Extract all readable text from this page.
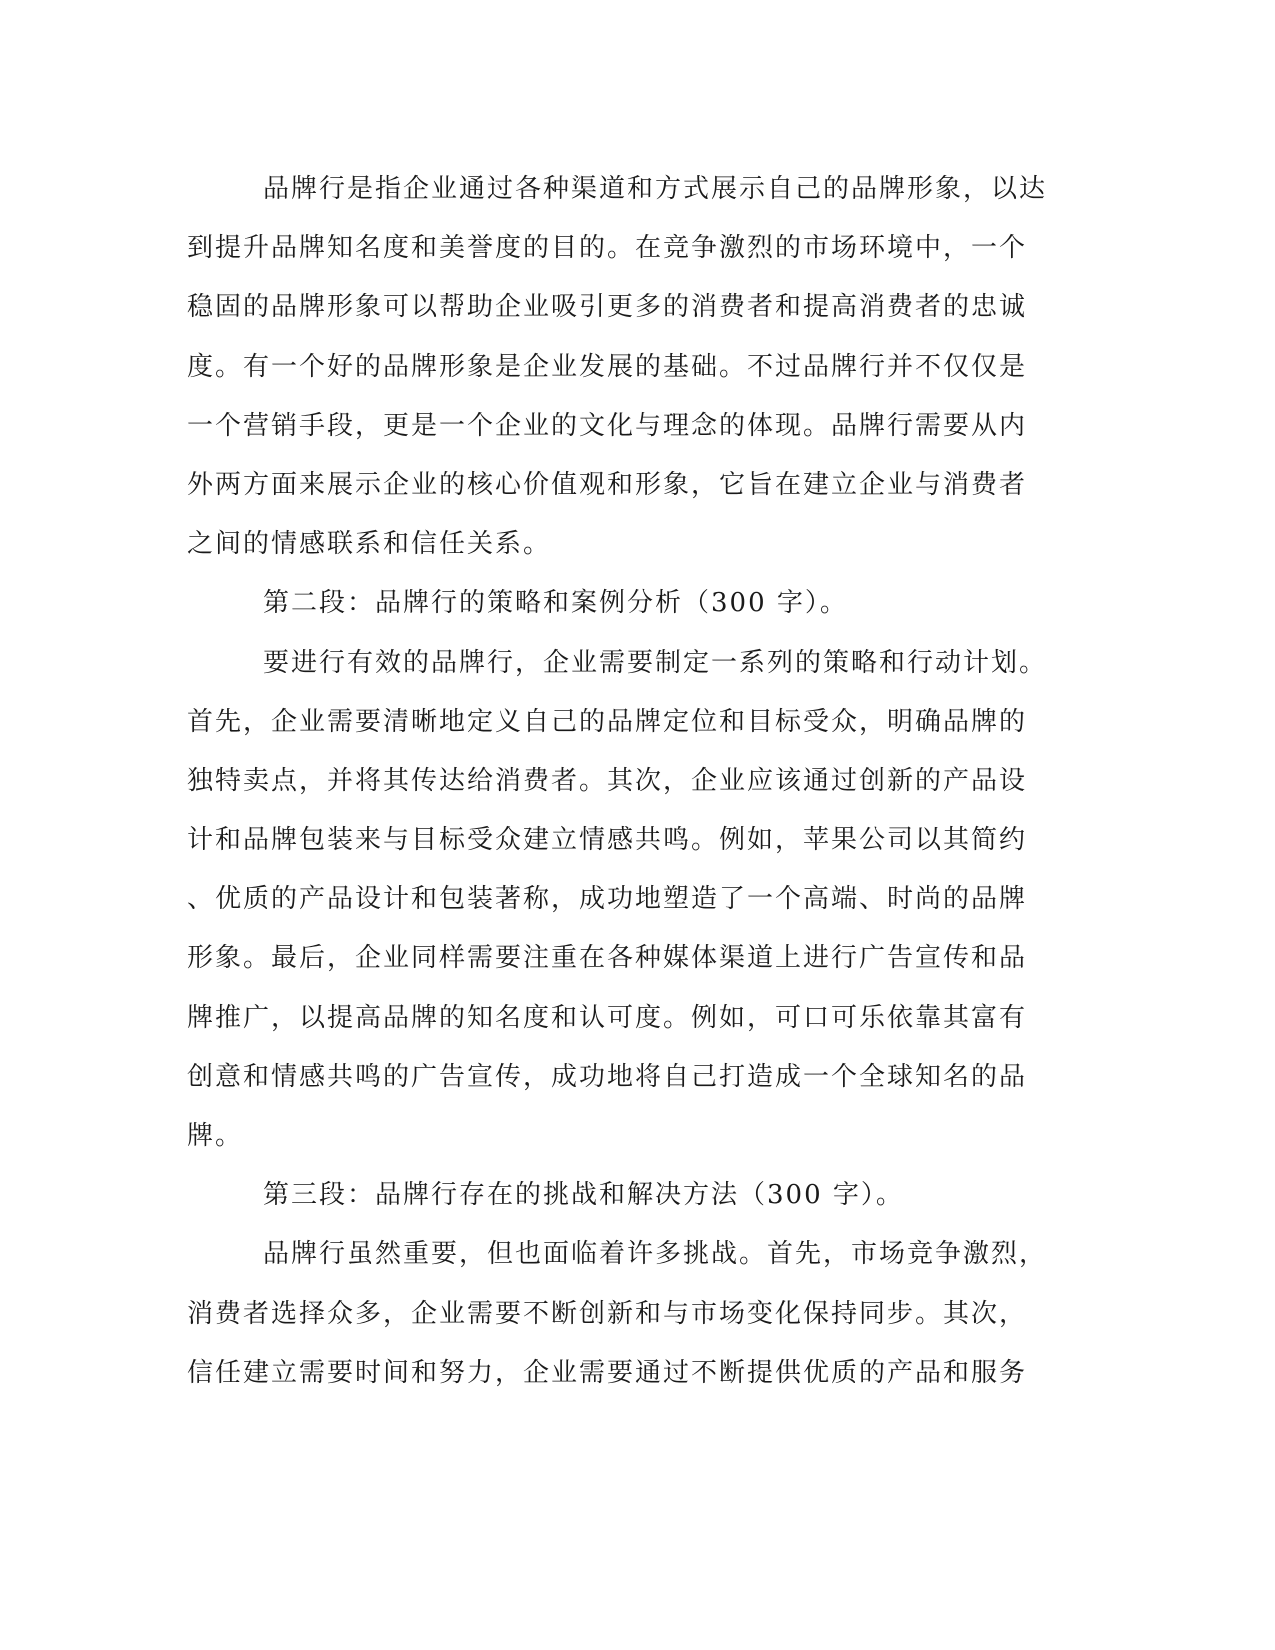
品牌行是指企业通过各种渠道和方式展示自己的品牌形象，以达
到提升品牌知名度和美誉度的目的。在竞争激烈的市场环境中，一个
稳固的品牌形象可以帮助企业吸引更多的消费者和提高消费者的忠诚
度。有一个好的品牌形象是企业发展的基础。不过品牌行并不仅仅是
一个营销手段，更是一个企业的文化与理念的体现。品牌行需要从内
外两方面来展示企业的核心价值观和形象，它旨在建立企业与消费者
之间的情感联系和信任关系。
第二段：品牌行的策略和案例分析（300 字）。
要进行有效的品牌行，企业需要制定一系列的策略和行动计划。
首先，企业需要清晰地定义自己的品牌定位和目标受众，明确品牌的
独特卖点，并将其传达给消费者。其次，企业应该通过创新的产品设
计和品牌包装来与目标受众建立情感共鸣。例如，苹果公司以其简约
、优质的产品设计和包装著称，成功地塑造了一个高端、时尚的品牌
形象。最后，企业同样需要注重在各种媒体渠道上进行广告宣传和品
牌推广，以提高品牌的知名度和认可度。例如，可口可乐依靠其富有
创意和情感共鸣的广告宣传，成功地将自己打造成一个全球知名的品
牌。
第三段：品牌行存在的挑战和解决方法（300 字）。
品牌行虽然重要，但也面临着许多挑战。首先，市场竞争激烈，
消费者选择众多，企业需要不断创新和与市场变化保持同步。其次，
信任建立需要时间和努力，企业需要通过不断提供优质的产品和服务
